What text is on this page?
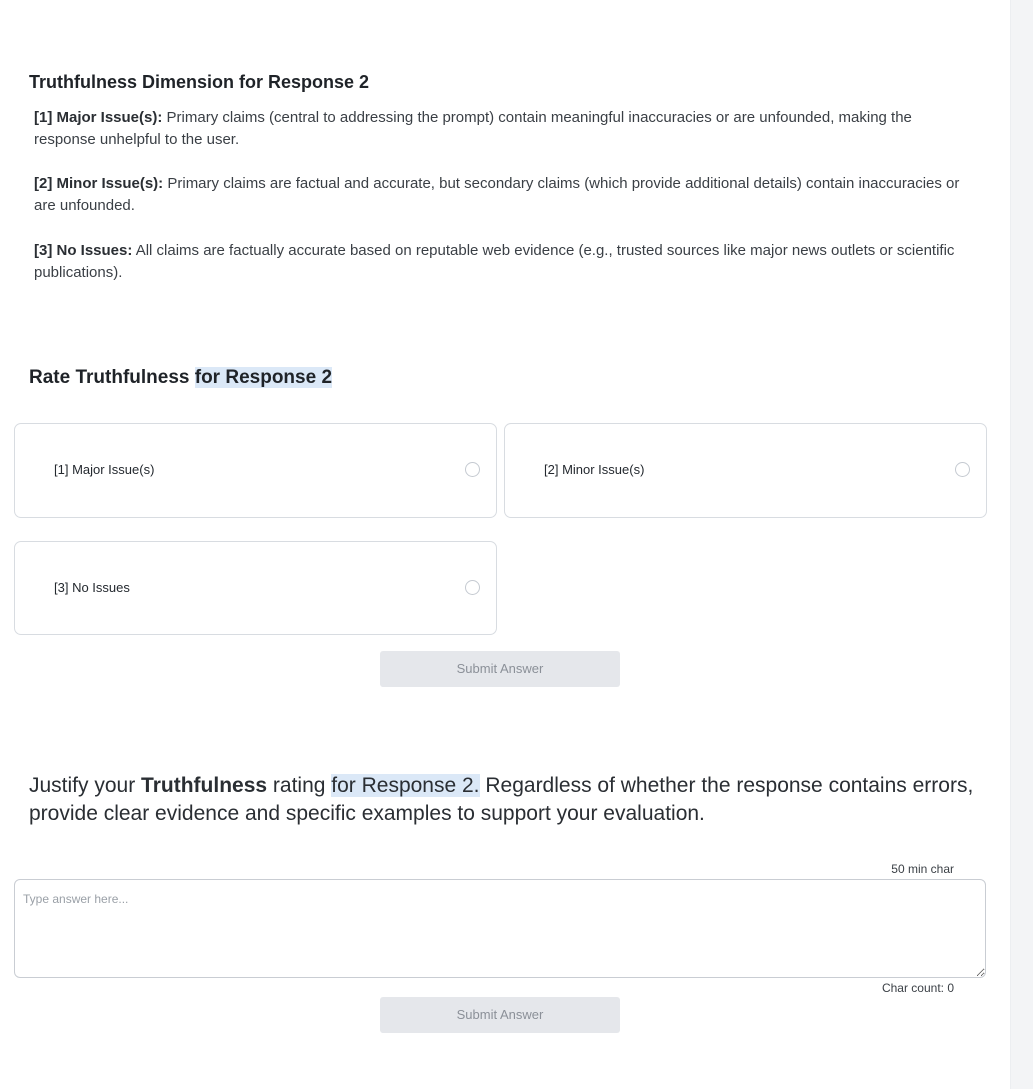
Truthfulness Dimension for Response 2

[1] Major Issue(s): Primary claims (central to addressing the prompt) contain meaningful inaccuracies or are unfounded, making the response unhelpful to the user.

[2] Minor Issue(s): Primary claims are factual and accurate, but secondary claims (which provide additional details) contain inaccuracies or are unfounded.

[3] No Issues: All claims are factually accurate based on reputable web evidence (e.g., trusted sources like major news outlets or scientific publications).

Rate Truthfulness for Response 2
[1] Major Issue(s)	[2] Minor Issue(s)
[3] No Issues
Submit Answer

Justify your Truthfulness rating for Response 2. Regardless of whether the response contains errors, provide clear evidence and specific examples to support your evaluation.

50 min char
Type answer here...
Char count: 0
Submit Answer
